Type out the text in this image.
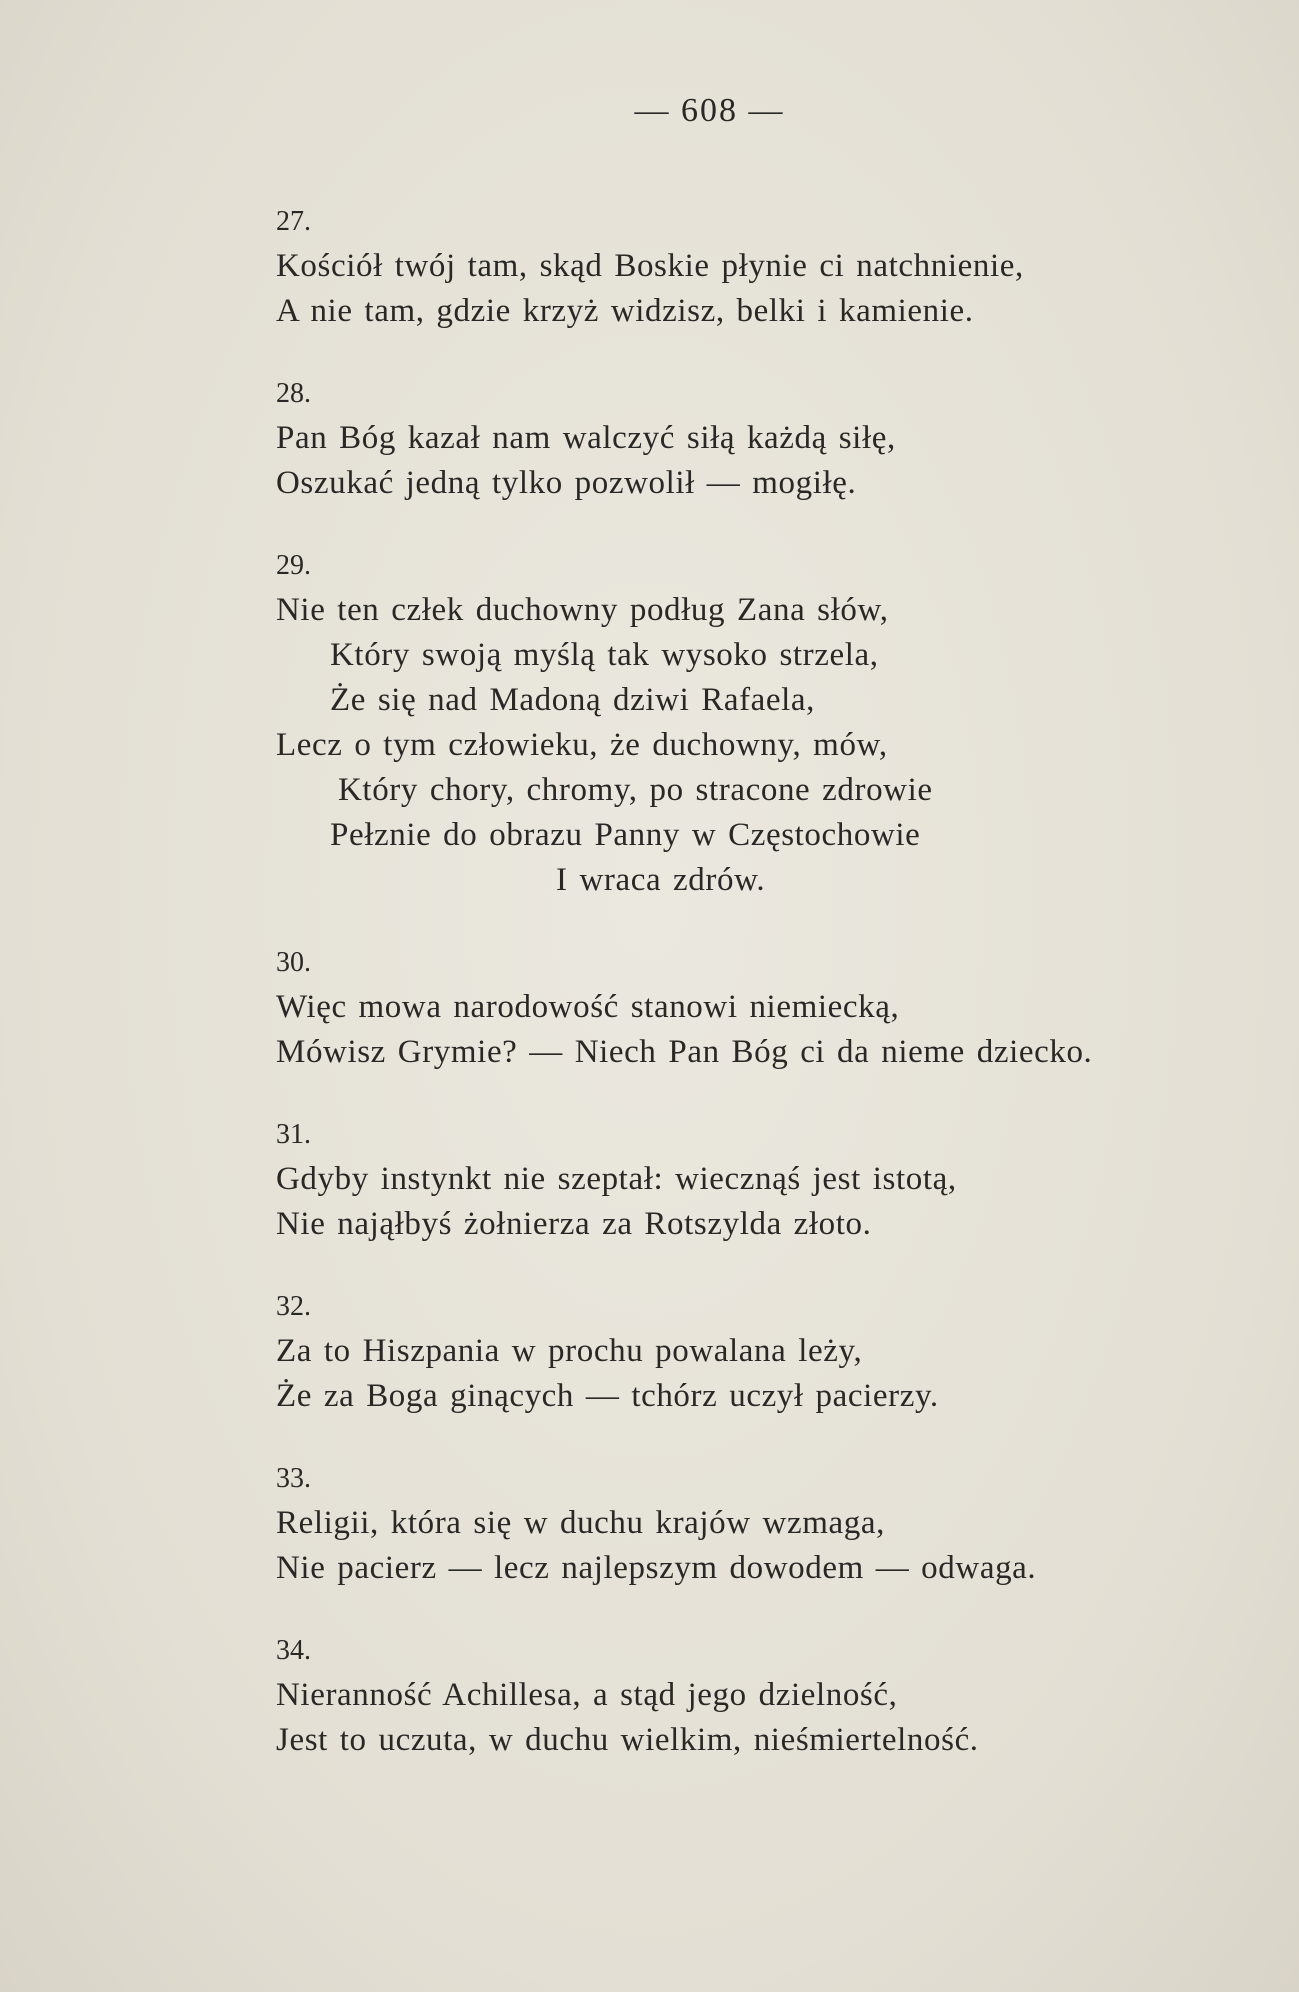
— 608 —
27.
Kościół twój tam, skąd Boskie płynie ci natchnienie,
A nie tam, gdzie krzyż widzisz, belki i kamienie.
28.
Pan Bóg kazał nam walczyć siłą każdą siłę,
Oszukać jedną tylko pozwolił — mogiłę.
29.
Nie ten człek duchowny podług Zana słów,
Który swoją myślą tak wysoko strzela,
Że się nad Madoną dziwi Rafaela,
Lecz o tym człowieku, że duchowny, mów,
Który chory, chromy, po stracone zdrowie
Pełznie do obrazu Panny w Częstochowie
I wraca zdrów.
30.
Więc mowa narodowość stanowi niemiecką,
Mówisz Grymie? — Niech Pan Bóg ci da nieme dziecko.
31.
Gdyby instynkt nie szeptał: wiecznąś jest istotą,
Nie nająłbyś żołnierza za Rotszylda złoto.
32.
Za to Hiszpania w prochu powalana leży,
Że za Boga ginących — tchórz uczył pacierzy.
33.
Religii, która się w duchu krajów wzmaga,
Nie pacierz — lecz najlepszym dowodem — odwaga.
34.
Nieranność Achillesa, a stąd jego dzielność,
Jest to uczuta, w duchu wielkim, nieśmiertelność.
